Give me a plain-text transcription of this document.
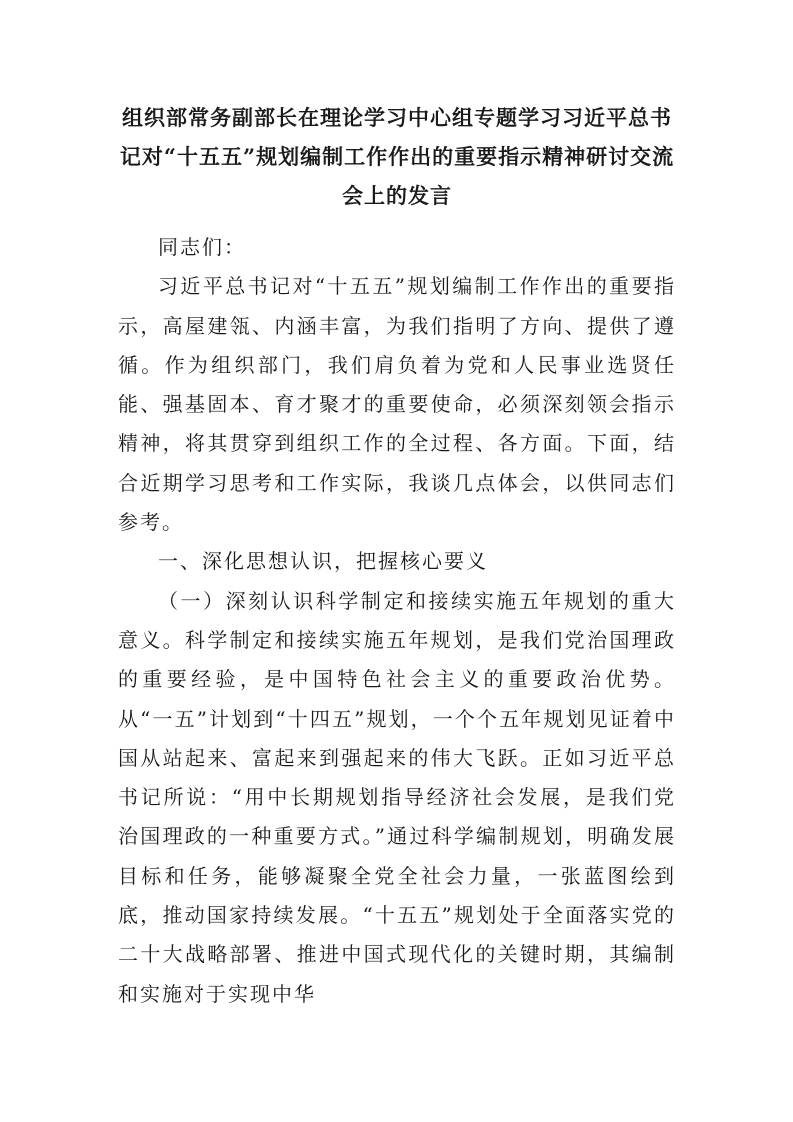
组织部常务副部长在理论学习中心组专题学习习近平总书记对“十五五”规划编制工作作出的重要指示精神研讨交流会上的发言

同志们：

习近平总书记对“十五五”规划编制工作作出的重要指示，高屋建瓴、内涵丰富，为我们指明了方向、提供了遵循。作为组织部门，我们肩负着为党和人民事业选贤任能、强基固本、育才聚才的重要使命，必须深刻领会指示精神，将其贯穿到组织工作的全过程、各方面。下面，结合近期学习思考和工作实际，我谈几点体会，以供同志们参考。

一、深化思想认识，把握核心要义

（一）深刻认识科学制定和接续实施五年规划的重大意义。科学制定和接续实施五年规划，是我们党治国理政的重要经验，是中国特色社会主义的重要政治优势。从“一五”计划到“十四五”规划，一个个五年规划见证着中国从站起来、富起来到强起来的伟大飞跃。正如习近平总书记所说：“用中长期规划指导经济社会发展，是我们党治国理政的一种重要方式。”通过科学编制规划，明确发展目标和任务，能够凝聚全党全社会力量，一张蓝图绘到底，推动国家持续发展。“十五五”规划处于全面落实党的二十大战略部署、推进中国式现代化的关键时期，其编制和实施对于实现中华
